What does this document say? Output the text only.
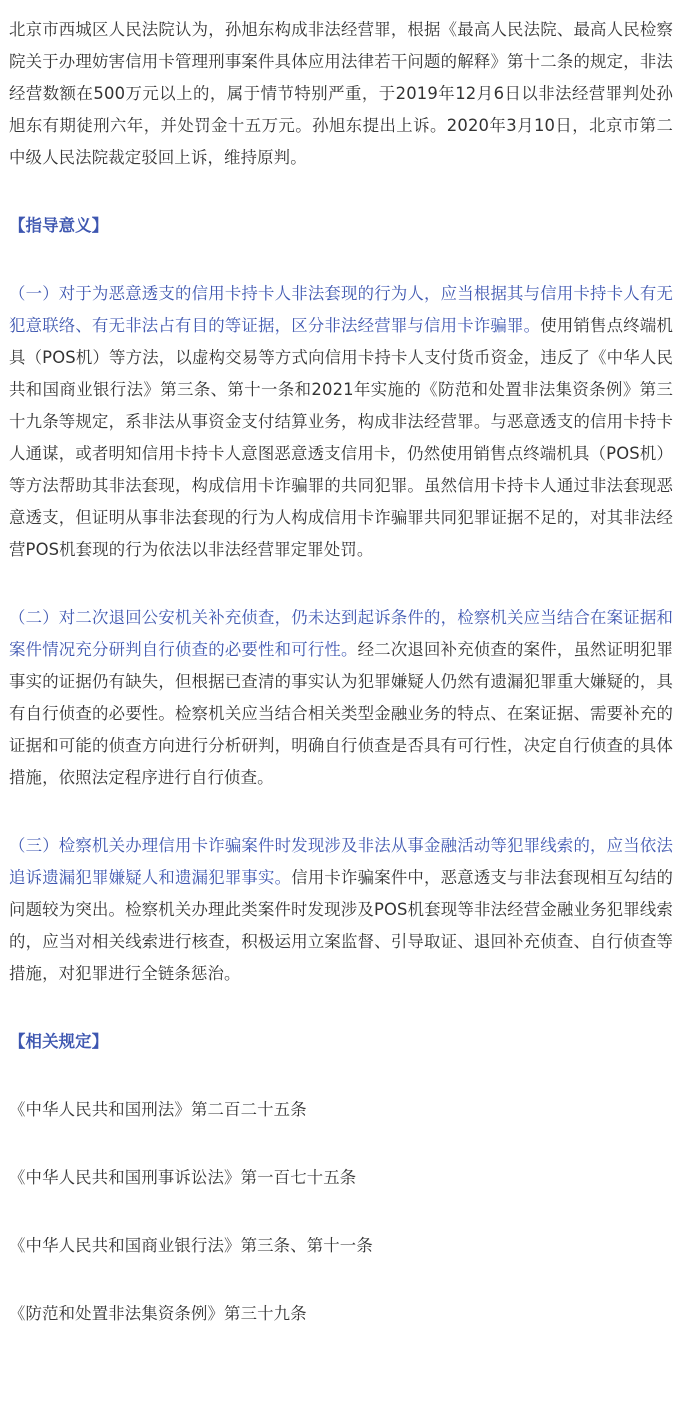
北京市西城区人民法院认为，孙旭东构成非法经营罪，根据《最高人民法院、最高人民检察院关于办理妨害信用卡管理刑事案件具体应用法律若干问题的解释》第十二条的规定，非法经营数额在500万元以上的，属于情节特别严重，于2019年12月6日以非法经营罪判处孙旭东有期徒刑六年，并处罚金十五万元。孙旭东提出上诉。2020年3月10日，北京市第二中级人民法院裁定驳回上诉，维持原判。

【指导意义】

（一）对于为恶意透支的信用卡持卡人非法套现的行为人，应当根据其与信用卡持卡人有无犯意联络、有无非法占有目的等证据，区分非法经营罪与信用卡诈骗罪。使用销售点终端机具（POS机）等方法，以虚构交易等方式向信用卡持卡人支付货币资金，违反了《中华人民共和国商业银行法》第三条、第十一条和2021年实施的《防范和处置非法集资条例》第三十九条等规定，系非法从事资金支付结算业务，构成非法经营罪。与恶意透支的信用卡持卡人通谋，或者明知信用卡持卡人意图恶意透支信用卡，仍然使用销售点终端机具（POS机）等方法帮助其非法套现，构成信用卡诈骗罪的共同犯罪。虽然信用卡持卡人通过非法套现恶意透支，但证明从事非法套现的行为人构成信用卡诈骗罪共同犯罪证据不足的，对其非法经营POS机套现的行为依法以非法经营罪定罪处罚。

（二）对二次退回公安机关补充侦查，仍未达到起诉条件的，检察机关应当结合在案证据和案件情况充分研判自行侦查的必要性和可行性。经二次退回补充侦查的案件，虽然证明犯罪事实的证据仍有缺失，但根据已查清的事实认为犯罪嫌疑人仍然有遗漏犯罪重大嫌疑的，具有自行侦查的必要性。检察机关应当结合相关类型金融业务的特点、在案证据、需要补充的证据和可能的侦查方向进行分析研判，明确自行侦查是否具有可行性，决定自行侦查的具体措施，依照法定程序进行自行侦查。

（三）检察机关办理信用卡诈骗案件时发现涉及非法从事金融活动等犯罪线索的，应当依法追诉遗漏犯罪嫌疑人和遗漏犯罪事实。信用卡诈骗案件中，恶意透支与非法套现相互勾结的问题较为突出。检察机关办理此类案件时发现涉及POS机套现等非法经营金融业务犯罪线索的，应当对相关线索进行核查，积极运用立案监督、引导取证、退回补充侦查、自行侦查等措施，对犯罪进行全链条惩治。

【相关规定】

《中华人民共和国刑法》第二百二十五条

《中华人民共和国刑事诉讼法》第一百七十五条

《中华人民共和国商业银行法》第三条、第十一条

《防范和处置非法集资条例》第三十九条
